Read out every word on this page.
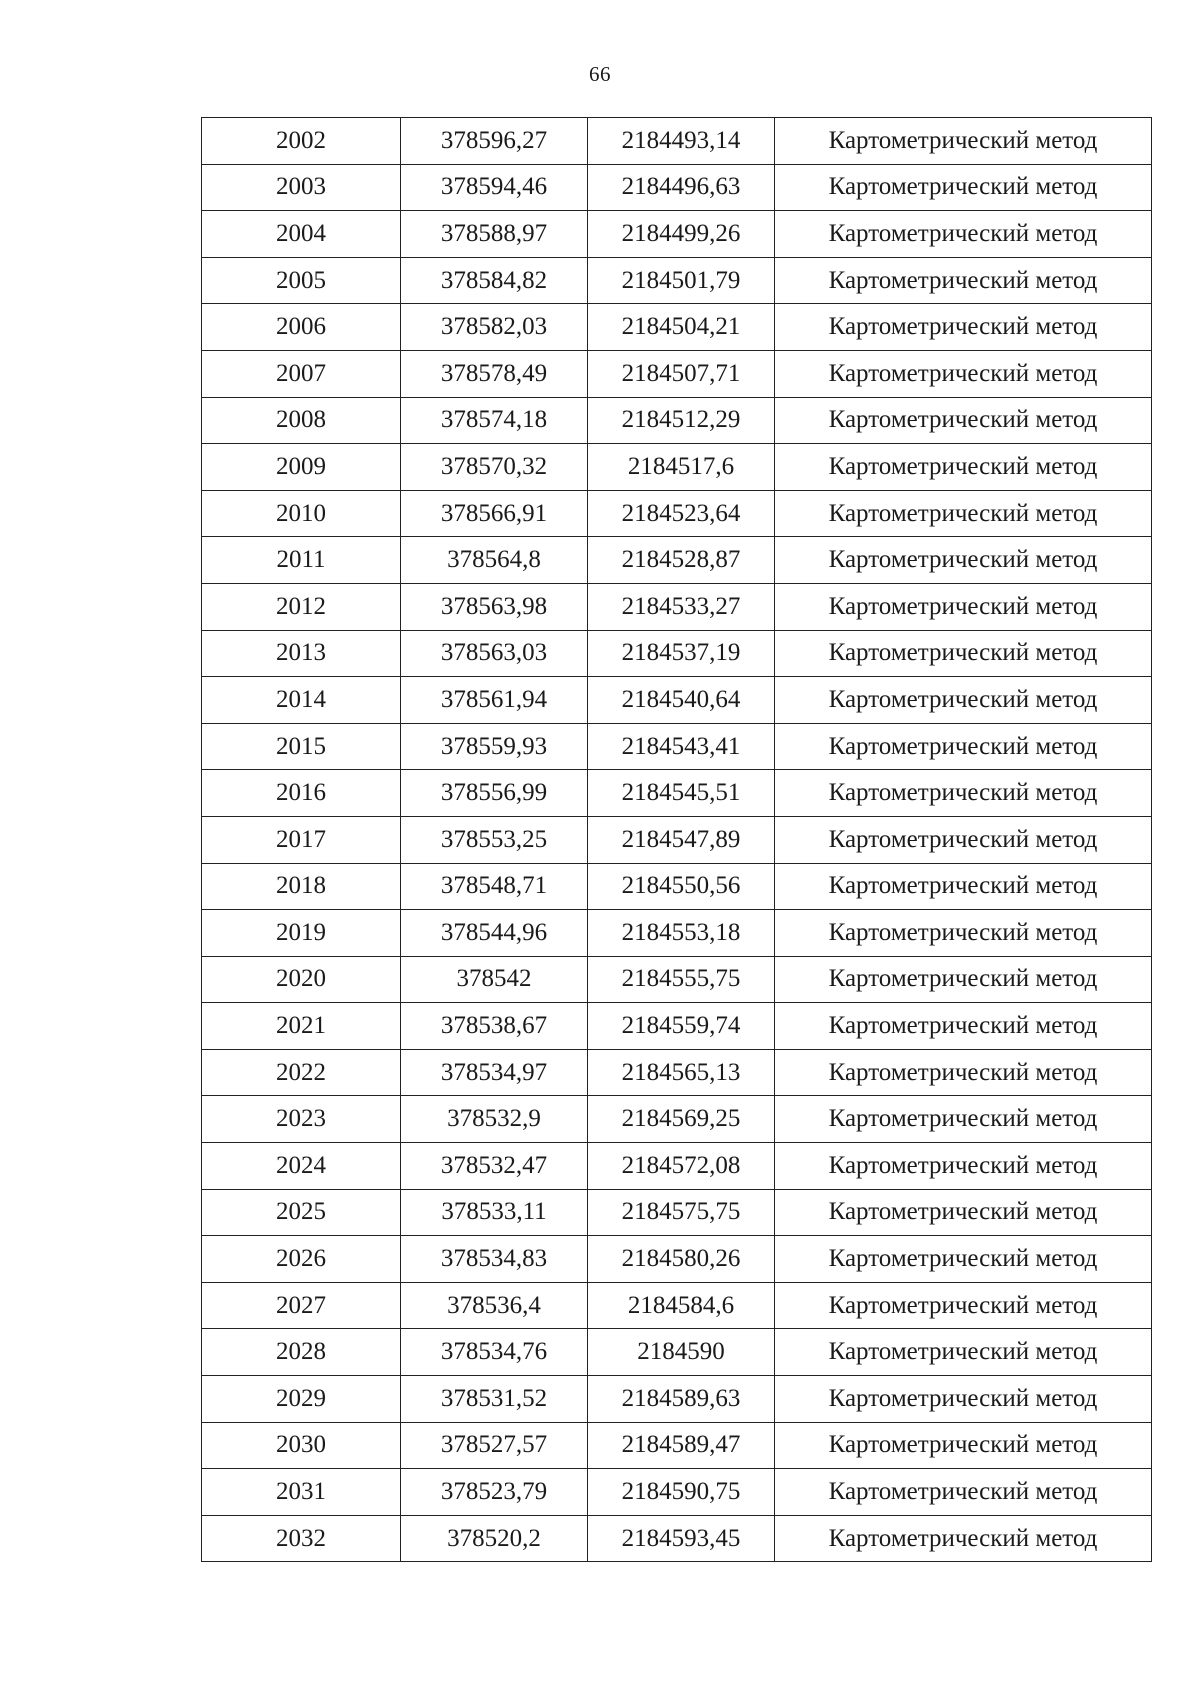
66
2002	378596,27	2184493,14	Картометрический метод
2003	378594,46	2184496,63	Картометрический метод
2004	378588,97	2184499,26	Картометрический метод
2005	378584,82	2184501,79	Картометрический метод
2006	378582,03	2184504,21	Картометрический метод
2007	378578,49	2184507,71	Картометрический метод
2008	378574,18	2184512,29	Картометрический метод
2009	378570,32	2184517,6	Картометрический метод
2010	378566,91	2184523,64	Картометрический метод
2011	378564,8	2184528,87	Картометрический метод
2012	378563,98	2184533,27	Картометрический метод
2013	378563,03	2184537,19	Картометрический метод
2014	378561,94	2184540,64	Картометрический метод
2015	378559,93	2184543,41	Картометрический метод
2016	378556,99	2184545,51	Картометрический метод
2017	378553,25	2184547,89	Картометрический метод
2018	378548,71	2184550,56	Картометрический метод
2019	378544,96	2184553,18	Картометрический метод
2020	378542	2184555,75	Картометрический метод
2021	378538,67	2184559,74	Картометрический метод
2022	378534,97	2184565,13	Картометрический метод
2023	378532,9	2184569,25	Картометрический метод
2024	378532,47	2184572,08	Картометрический метод
2025	378533,11	2184575,75	Картометрический метод
2026	378534,83	2184580,26	Картометрический метод
2027	378536,4	2184584,6	Картометрический метод
2028	378534,76	2184590	Картометрический метод
2029	378531,52	2184589,63	Картометрический метод
2030	378527,57	2184589,47	Картометрический метод
2031	378523,79	2184590,75	Картометрический метод
2032	378520,2	2184593,45	Картометрический метод
